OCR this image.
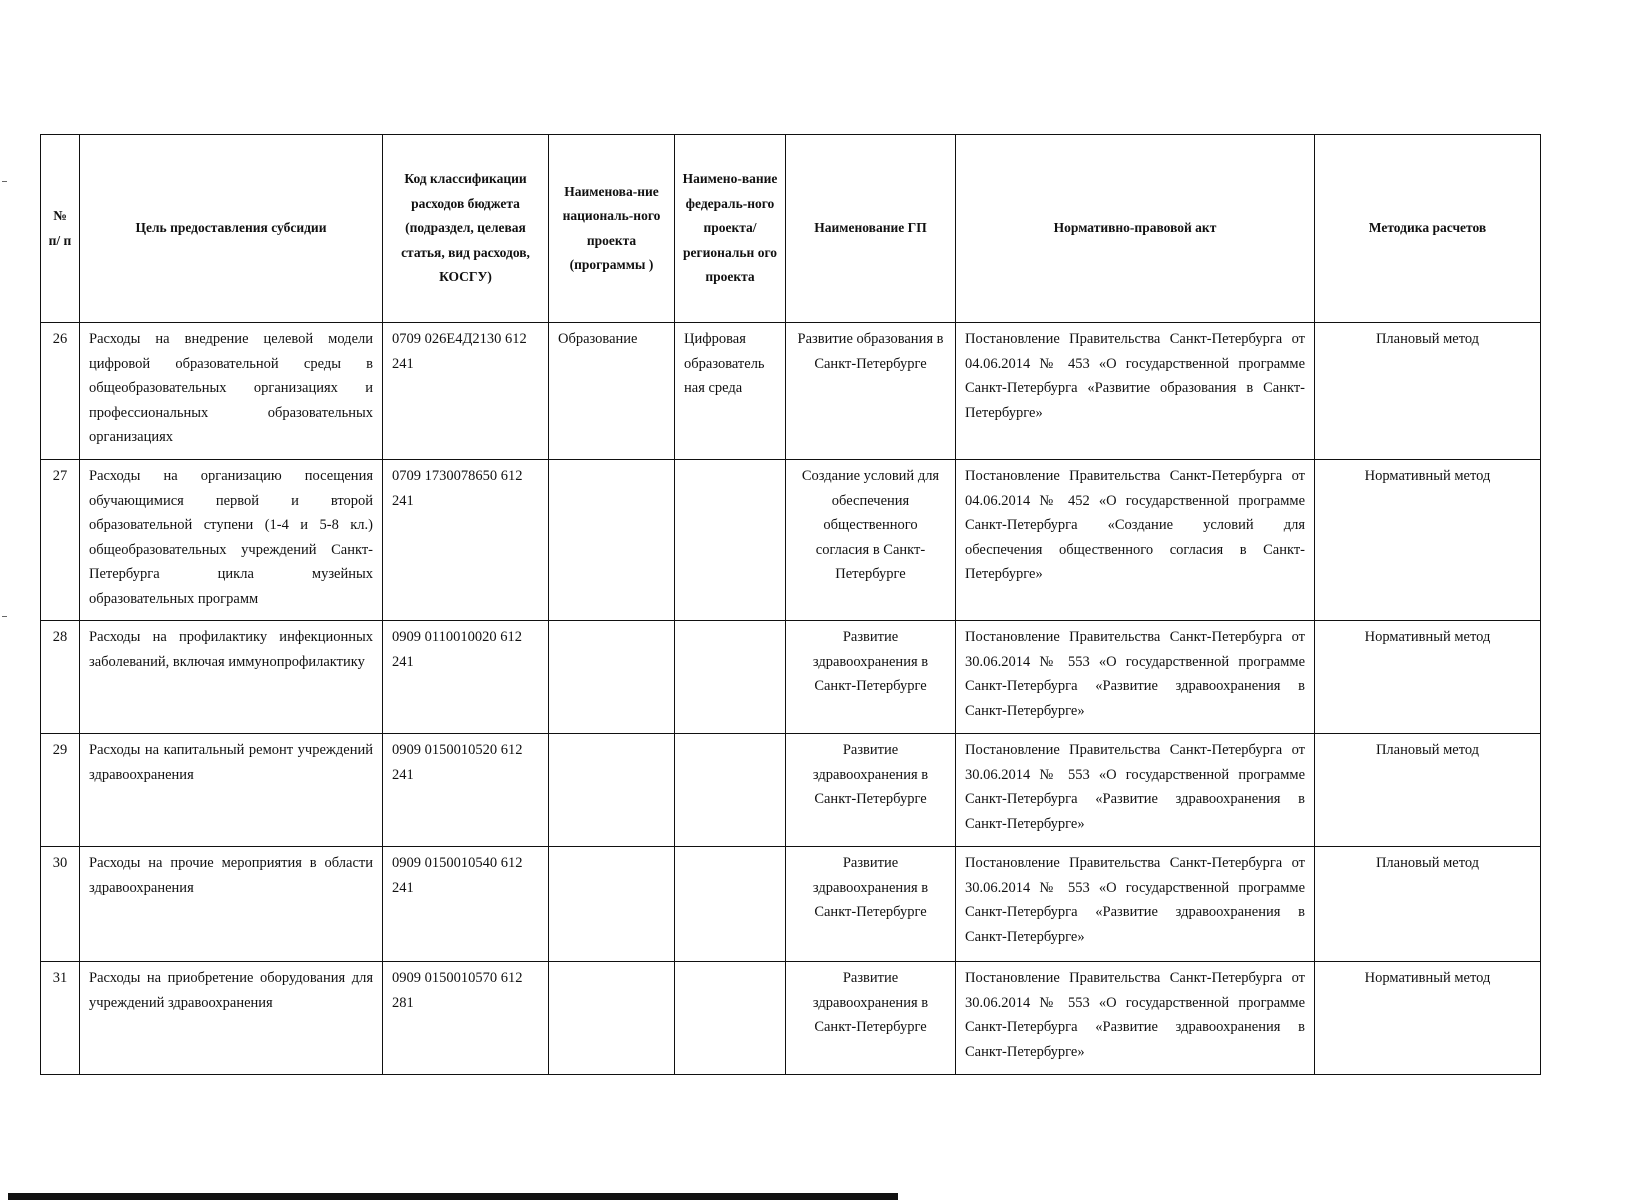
№ п/ п	Цель предоставления субсидии	Код классификации расходов бюджета (подраздел, целевая статья, вид расходов, КОСГУ)	Наименова-ние националь-ного проекта (программы )	Наимено-вание федераль-ного проекта/ региональн ого проекта	Наименование ГП	Нормативно-правовой акт	Методика расчетов
26	Расходы на внедрение целевой модели цифровой образовательной среды в общеобразовательных организациях и профессиональных образовательных организациях	0709 026Е4Д2130 612 241	Образование	Цифровая образователь ная среда	Развитие образования в Санкт-Петербурге	Постановление Правительства Санкт-Петербурга от 04.06.2014 № 453 «О государственной программе Санкт-Петербурга «Развитие образования в Санкт-Петербурге»	Плановый метод
27	Расходы на организацию посещения обучающимися первой и второй образовательной ступени (1-4 и 5-8 кл.) общеобразовательных учреждений Санкт-Петербурга цикла музейных образовательных программ	0709 1730078650 612 241			Создание условий для обеспечения общественного согласия в Санкт-Петербурге	Постановление Правительства Санкт-Петербурга от 04.06.2014 № 452 «О государственной программе Санкт-Петербурга «Создание условий для обеспечения общественного согласия в Санкт-Петербурге»	Нормативный метод
28	Расходы на профилактику инфекционных заболеваний, включая иммунопрофилактику	0909 0110010020 612 241			Развитие здравоохранения в Санкт-Петербурге	Постановление Правительства Санкт-Петербурга от 30.06.2014 № 553 «О государственной программе Санкт-Петербурга «Развитие здравоохранения в Санкт-Петербурге»	Нормативный метод
29	Расходы на капитальный ремонт учреждений здравоохранения	0909 0150010520 612 241			Развитие здравоохранения в Санкт-Петербурге	Постановление Правительства Санкт-Петербурга от 30.06.2014 № 553 «О государственной программе Санкт-Петербурга «Развитие здравоохранения в Санкт-Петербурге»	Плановый метод
30	Расходы на прочие мероприятия в области здравоохранения	0909 0150010540 612 241			Развитие здравоохранения в Санкт-Петербурге	Постановление Правительства Санкт-Петербурга от 30.06.2014 № 553 «О государственной программе Санкт-Петербурга «Развитие здравоохранения в Санкт-Петербурге»	Плановый метод
31	Расходы на приобретение оборудования для учреждений здравоохранения	0909 0150010570 612 281			Развитие здравоохранения в Санкт-Петербурге	Постановление Правительства Санкт-Петербурга от 30.06.2014 № 553 «О государственной программе Санкт-Петербурга «Развитие здравоохранения в Санкт-Петербурге»	Нормативный метод
